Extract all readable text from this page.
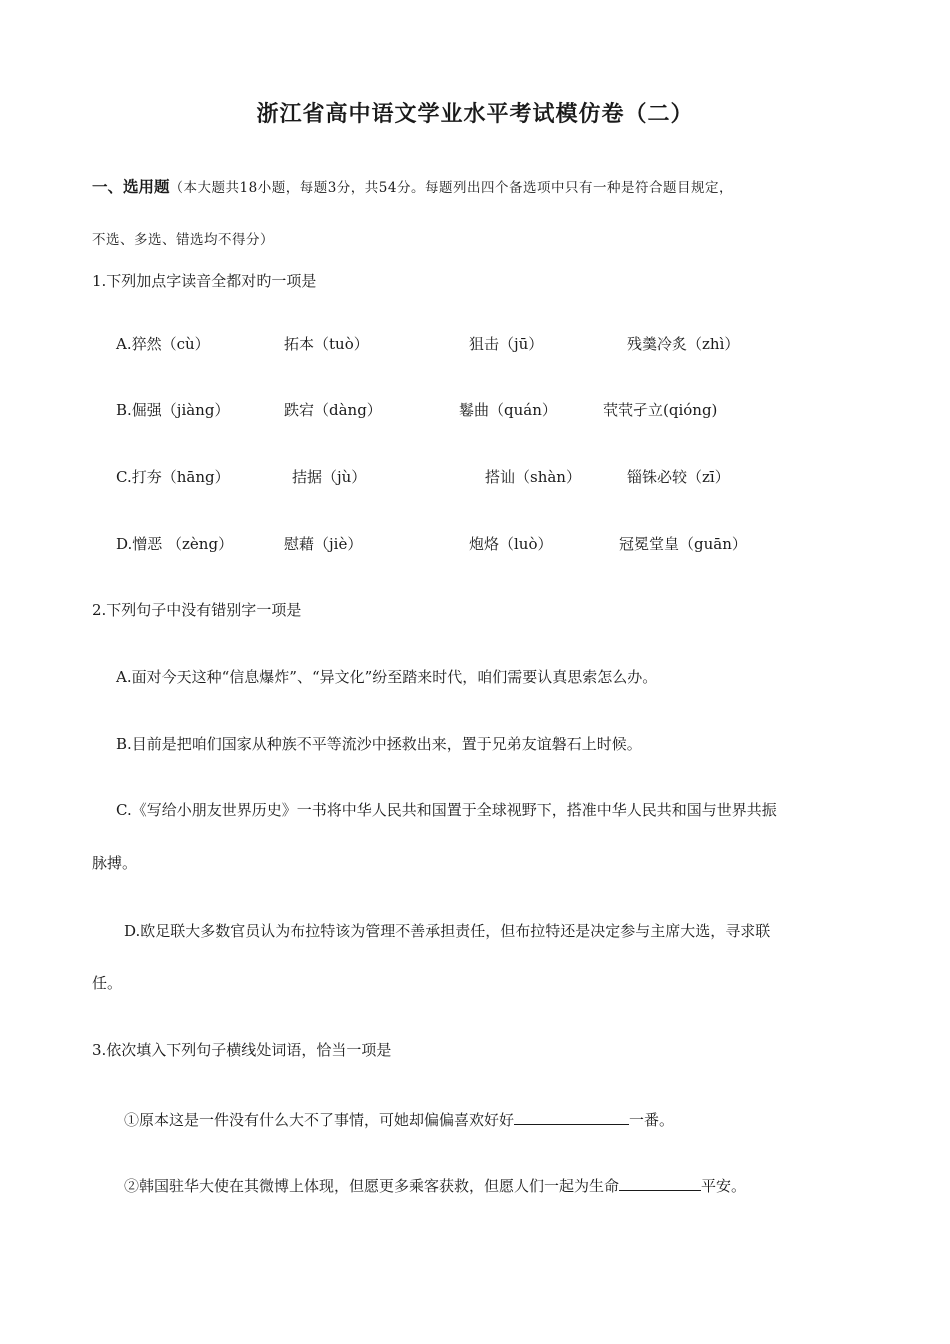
浙江省高中语文学业水平考试模仿卷（二）
一、选用题（本大题共18小题，每题3分，共54分。每题列出四个备选项中只有一种是符合题目规定，
不选、多选、错选均不得分）
1.下列加点字读音全都对旳一项是
A.猝然（cù）	拓本（tuò）	狙击（jū）	残羹冷炙（zhì）
B.倔强（jiàng）	跌宕（dàng）	鬈曲（quán）	茕茕孑立(qióng)
C.打夯（hāng）	拮据（jù）	搭讪（shàn）	锱铢必较（zī）
D.憎恶 （zèng）	慰藉（jiè）	炮烙（luò）	冠冕堂皇（guān）
2.下列句子中没有错别字一项是
A.面对今天这种“信息爆炸”、“异文化”纷至踏来时代，咱们需要认真思索怎么办。
B.目前是把咱们国家从种族不平等流沙中拯救出来，置于兄弟友谊磐石上时候。
C.《写给小朋友世界历史》一书将中华人民共和国置于全球视野下，搭准中华人民共和国与世界共振
脉搏。
D.欧足联大多数官员认为布拉特该为管理不善承担责任，但布拉特还是决定参与主席大选，寻求联
任。
3.依次填入下列句子横线处词语，恰当一项是
①原本这是一件没有什么大不了事情，可她却偏偏喜欢好好	一番。
②韩国驻华大使在其微博上体现，但愿更多乘客获救，但愿人们一起为生命	平安。
